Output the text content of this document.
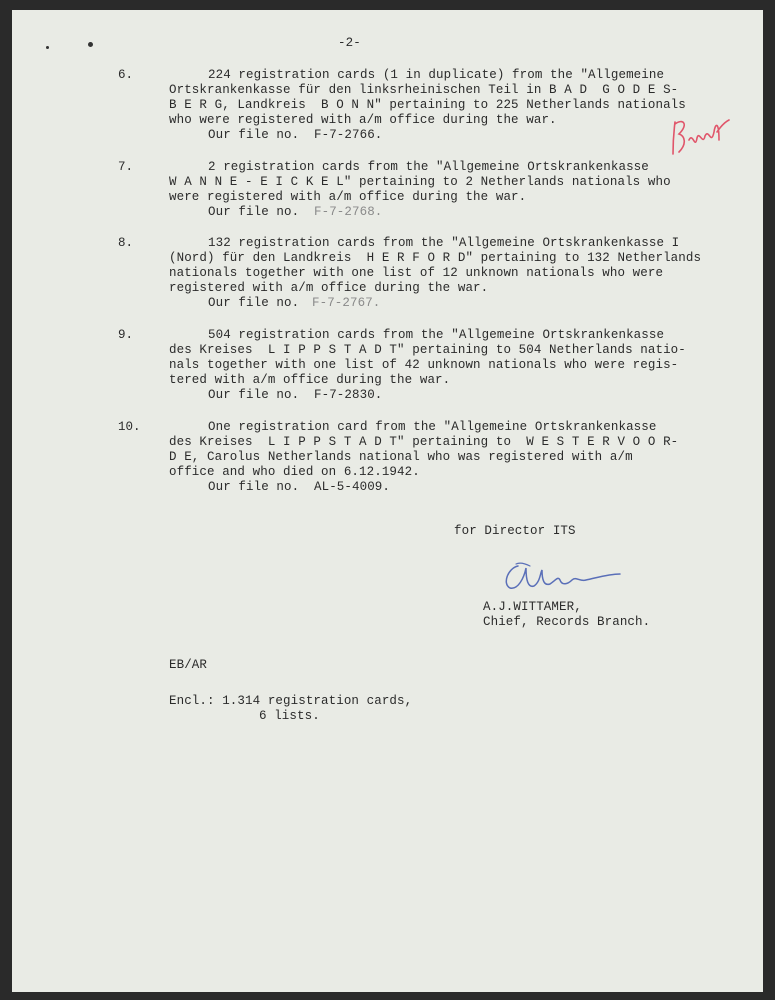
-2-
6.	224 registration cards (1 in duplicate) from the "Allgemeine
Ortskrankenkasse für den linksrheinischen Teil in B A D  G O D E S-
B E R G, Landkreis  B O N N" pertaining to 225 Netherlands nationals
who were registered with a/m office during the war.
Our file no. F-7-2766.
7.	2 registration cards from the "Allgemeine Ortskrankenkasse
W A N N E - E I C K E L" pertaining to 2 Netherlands nationals who
were registered with a/m office during the war.
Our file no. F-7-2768.
8.	132 registration cards from the "Allgemeine Ortskrankenkasse I
(Nord) für den Landkreis  H E R F O R D" pertaining to 132 Netherlands
nationals together with one list of 12 unknown nationals who were
registered with a/m office during the war.
Our file no. F-7-2767.
9.	504 registration cards from the "Allgemeine Ortskrankenkasse
des Kreises  L I P P S T A D T" pertaining to 504 Netherlands natio-
nals together with one list of 42 unknown nationals who were regis-
tered with a/m office during the war.
Our file no. F-7-2830.
10.	One registration card from the "Allgemeine Ortskrankenkasse
des Kreises  L I P P S T A D T" pertaining to  W E S T E R V O O R-
D E, Carolus Netherlands national who was registered with a/m
office and who died on 6.12.1942.
Our file no. AL-5-4009.
for Director ITS
A.J.WITTAMER,
Chief, Records Branch.
EB/AR
Encl.: 1.314 registration cards,
6 lists.
